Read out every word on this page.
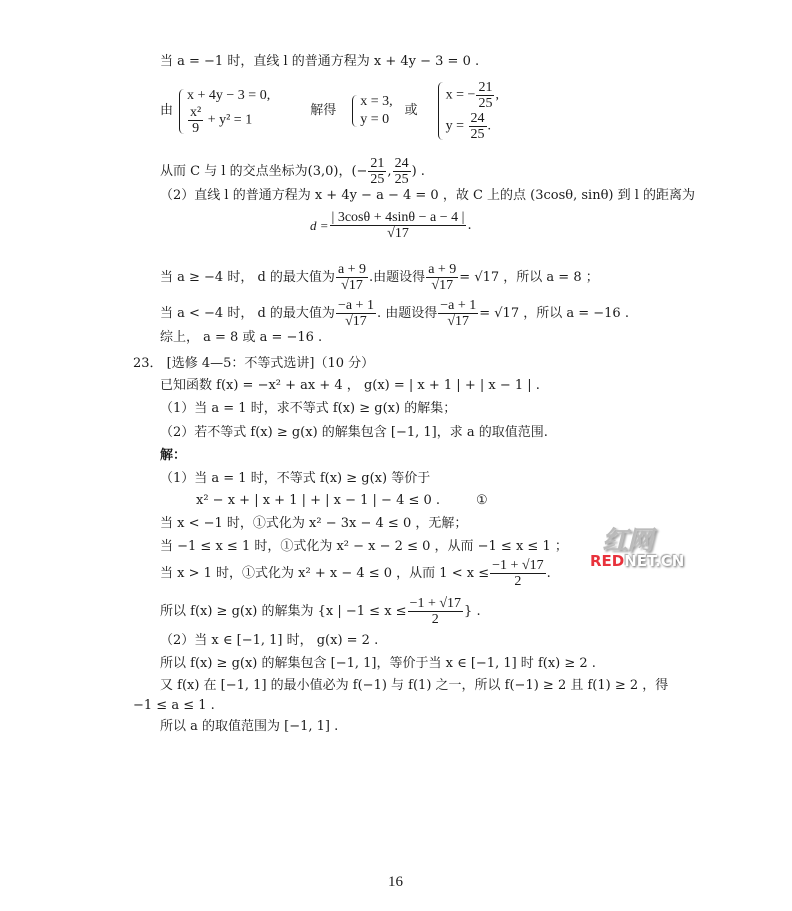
当 a = −1 时，直线 l 的普通方程为 x + 4y − 3 = 0 .
由
x + 4y − 3 = 0,
$\frac{\text{x²}}{9} + y^2 = 1$
解得
x = 3,
y = 0
或
x = − $\frac{21}{25}$ ,
$y = \frac{24}{25}$ .
从而 C 与 l 的交点坐标为(3,0)，(− $\frac{21}{25}$ , $\frac{24}{25}$ ) .
（2）直线 l 的普通方程为 x + 4y − a − 4 = 0 ，故 C 上的点 (3cosθ, sinθ) 到 l 的距离为
$d = \frac{| 3\cos\theta + 4\sin\theta - a - 4 |}{√17}$ .
当 a ≥ −4 时， d 的最大值为 $\frac{a + 9}{√17}$ .由题设得 $\frac{a + 9}{√17} = √17$ ，所以 a = 8 ；
当 a < −4 时， d 的最大值为 $\frac{-a + 1}{√17}$ . 由题设得 $\frac{-a + 1}{√17} = √17$ ，所以 a = −16 .
综上， a = 8 或 a = −16 .
23． [选修 4—5：不等式选讲]（10 分）
已知函数 f(x) = −x² + ax + 4 ， g(x) = | x + 1 | + | x − 1 | .
（1）当 a = 1 时，求不等式 f(x) ≥ g(x) 的解集；
（2）若不等式 f(x) ≥ g(x) 的解集包含 [−1, 1]，求 a 的取值范围.
解：
（1）当 a = 1 时，不等式 f(x) ≥ g(x) 等价于
x² − x + | x + 1 | + | x − 1 | − 4 ≤ 0 .	①
当 x < −1 时，①式化为 x² − 3x − 4 ≤ 0 ，无解；
当 −1 ≤ x ≤ 1 时，①式化为 x² − x − 2 ≤ 0 ，从而 −1 ≤ x ≤ 1 ；
当 x > 1 时，①式化为 x² + x − 4 ≤ 0 ，从而 $1 < x \le \frac{-1 + √17}{2}$ .
所以 f(x) ≥ g(x) 的解集为 {x | $-1 \le x \le \frac{-1 + √17}{2}$ } .
（2）当 x ∈ [−1, 1] 时， g(x) = 2 .
所以 f(x) ≥ g(x) 的解集包含 [−1, 1]，等价于当 x ∈ [−1, 1] 时 f(x) ≥ 2 .
又 f(x) 在 [−1, 1] 的最小值必为 f(−1) 与 f(1) 之一，所以 f(−1) ≥ 2 且 f(1) ≥ 2 ，得
−1 ≤ a ≤ 1 .
所以 a 的取值范围为 [−1, 1] .
红网
REDNET.CN
16
